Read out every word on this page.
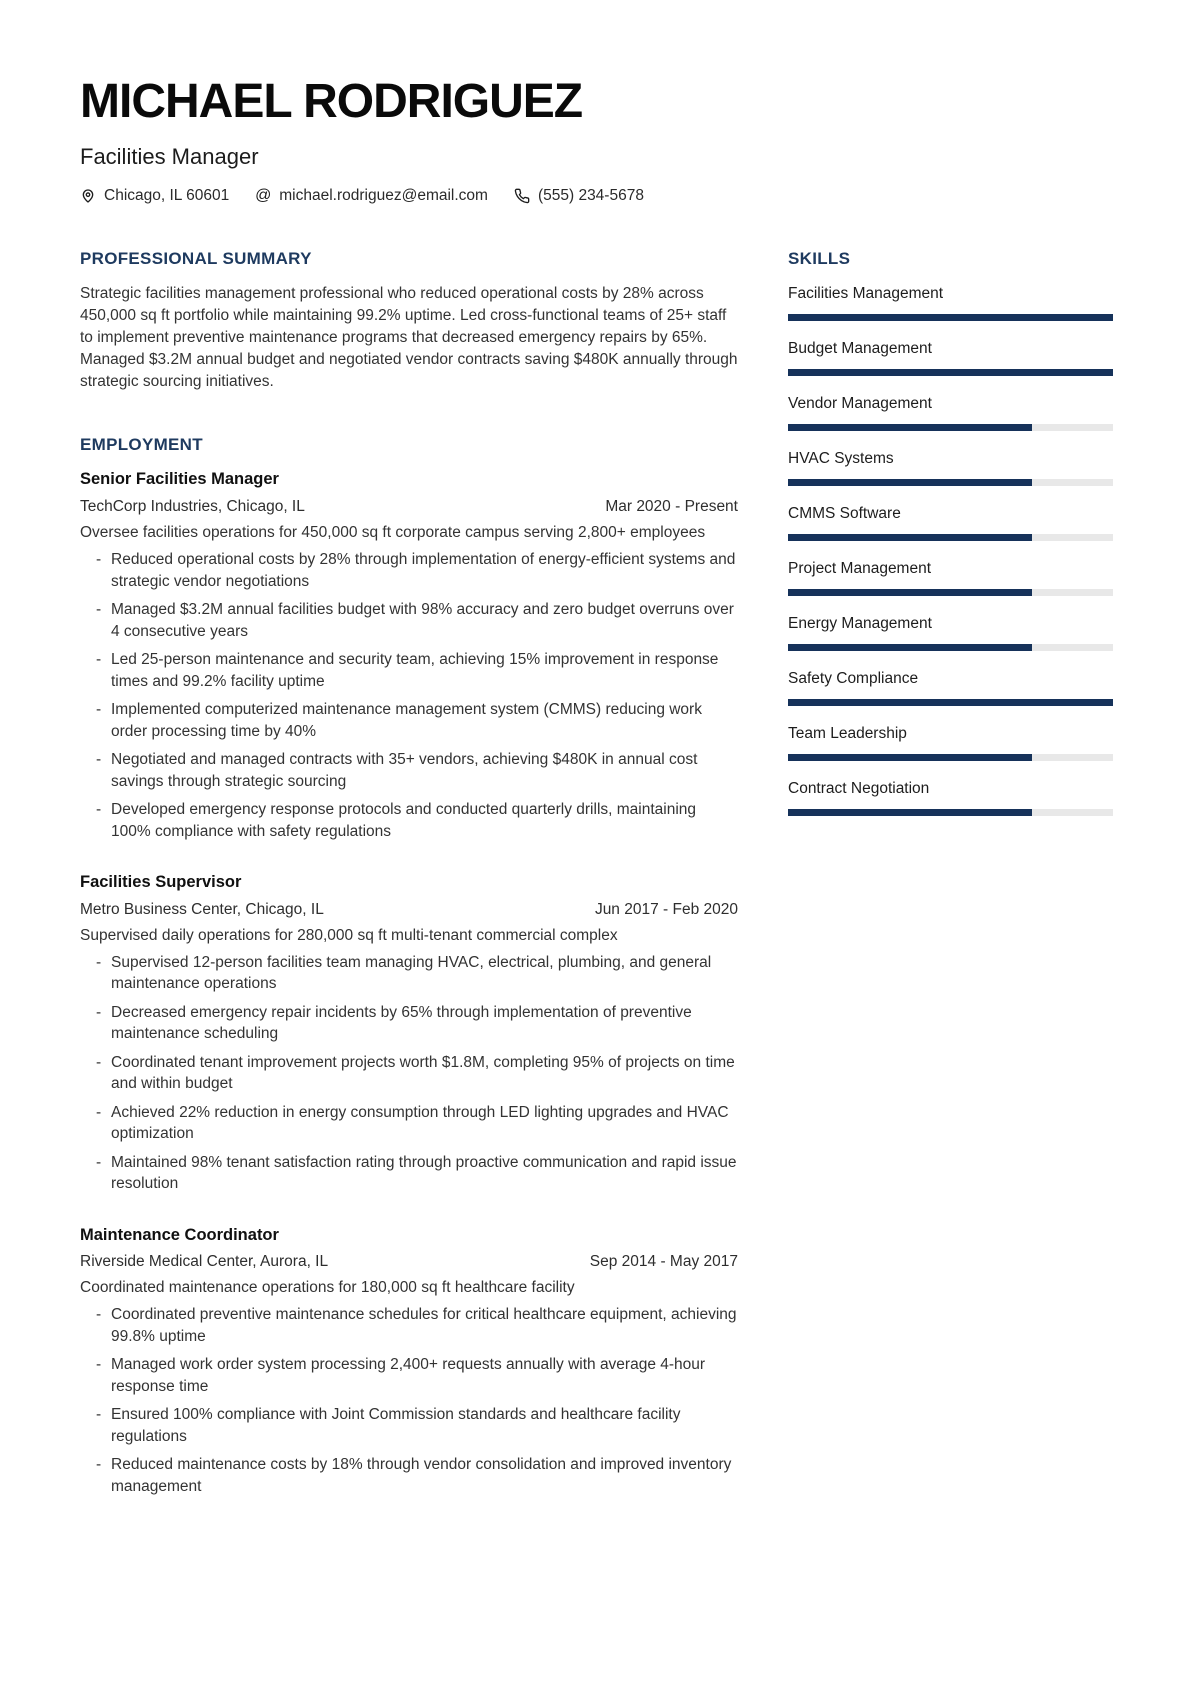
MICHAEL RODRIGUEZ
Facilities Manager
Chicago, IL 60601 @ michael.rodriguez@email.com	(555) 234-5678
PROFESSIONAL SUMMARY

Strategic facilities management professional who reduced operational costs by 28% across 450,000 sq ft portfolio while maintaining 99.2% uptime. Led cross-functional teams of 25+ staff to implement preventive maintenance programs that decreased emergency repairs by 65%. Managed $3.2M annual budget and negotiated vendor contracts saving $480K annually through strategic sourcing initiatives.

EMPLOYMENT
Senior Facilities Manager
TechCorp Industries, Chicago, IL	Mar 2020 - Present
Oversee facilities operations for 450,000 sq ft corporate campus serving 2,800+ employees
- Reduced operational costs by 28% through implementation of energy-efficient systems and strategic vendor negotiations
- Managed $3.2M annual facilities budget with 98% accuracy and zero budget overruns over 4 consecutive years
- Led 25-person maintenance and security team, achieving 15% improvement in response times and 99.2% facility uptime
- Implemented computerized maintenance management system (CMMS) reducing work order processing time by 40%
- Negotiated and managed contracts with 35+ vendors, achieving $480K in annual cost savings through strategic sourcing
- Developed emergency response protocols and conducted quarterly drills, maintaining 100% compliance with safety regulations
Facilities Supervisor
Metro Business Center, Chicago, IL	Jun 2017 - Feb 2020
Supervised daily operations for 280,000 sq ft multi-tenant commercial complex
- Supervised 12-person facilities team managing HVAC, electrical, plumbing, and general maintenance operations
- Decreased emergency repair incidents by 65% through implementation of preventive maintenance scheduling
- Coordinated tenant improvement projects worth $1.8M, completing 95% of projects on time and within budget
- Achieved 22% reduction in energy consumption through LED lighting upgrades and HVAC optimization
- Maintained 98% tenant satisfaction rating through proactive communication and rapid issue resolution
Maintenance Coordinator
Riverside Medical Center, Aurora, IL	Sep 2014 - May 2017
Coordinated maintenance operations for 180,000 sq ft healthcare facility
- Coordinated preventive maintenance schedules for critical healthcare equipment, achieving 99.8% uptime
- Managed work order system processing 2,400+ requests annually with average 4-hour response time
- Ensured 100% compliance with Joint Commission standards and healthcare facility regulations
- Reduced maintenance costs by 18% through vendor consolidation and improved inventory management
SKILLS
Facilities Management
Budget Management
Vendor Management
HVAC Systems
CMMS Software
Project Management
Energy Management
Safety Compliance
Team Leadership
Contract Negotiation
